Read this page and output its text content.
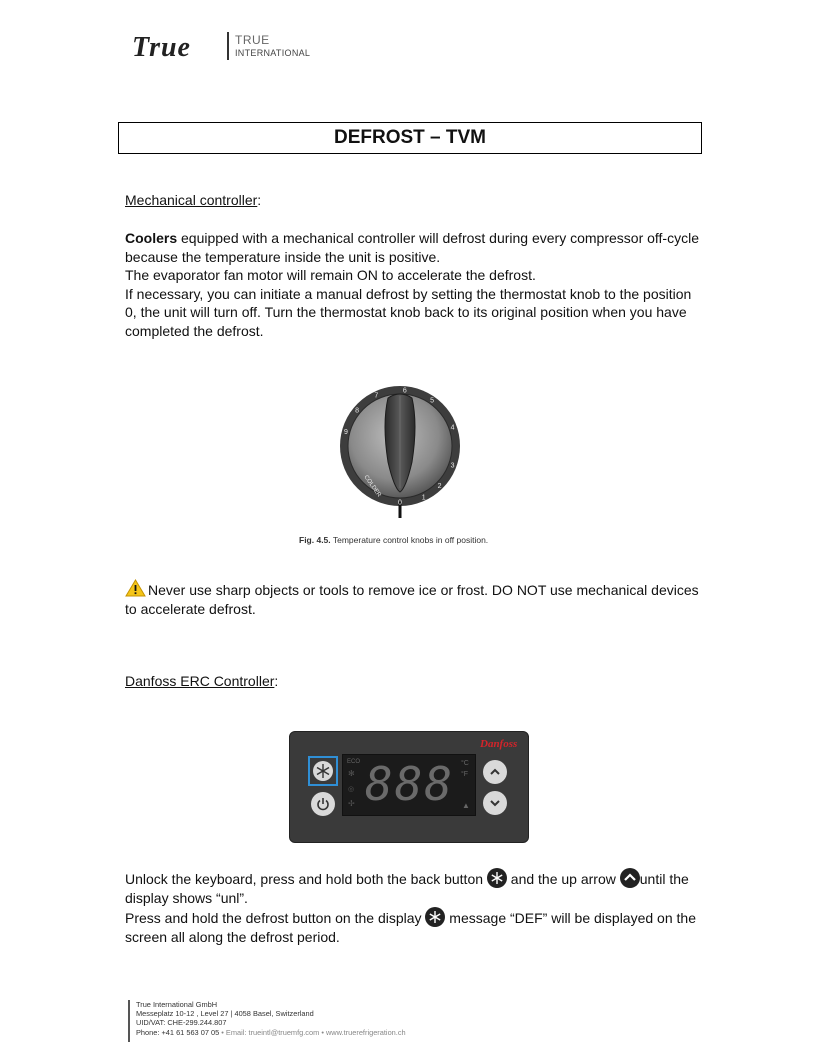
True	TRUE
INTERNATIONAL
DEFROST – TVM
Mechanical controller:

Coolers equipped with a mechanical controller will defrost during every compressor off-cycle because the temperature inside the unit is positive.

The evaporator fan motor will remain ON to accelerate the defrost.

If necessary, you can initiate a manual defrost by setting the thermostat knob to the position 0, the unit will turn off. Turn the thermostat knob back to its original position when you have completed the defrost.

0
1
2
3
4
5
6
7
8
9
COLDER
Fig. 4.5. Temperature control knobs in off position.
Never use sharp objects or tools to remove ice or frost. DO NOT use mechanical devices to accelerate defrost.
Danfoss ERC Controller:
Danfoss
ECO
✻
◎
✢ 888 °C
°F
▲

Unlock the keyboard, press and hold both the back button
and the up arrow
until the display shows “unl”.

Press and hold the defrost button on the display
message “DEF” will be displayed on the screen all along the defrost period.

True International GmbH
Messeplatz 10-12 , Level 27 | 4058 Basel, Switzerland
UID/VAT: CHE-299.244.807
Phone: +41 61 563 07 05 • Email: trueintl@truemfg.com • www.truerefrigeration.ch
